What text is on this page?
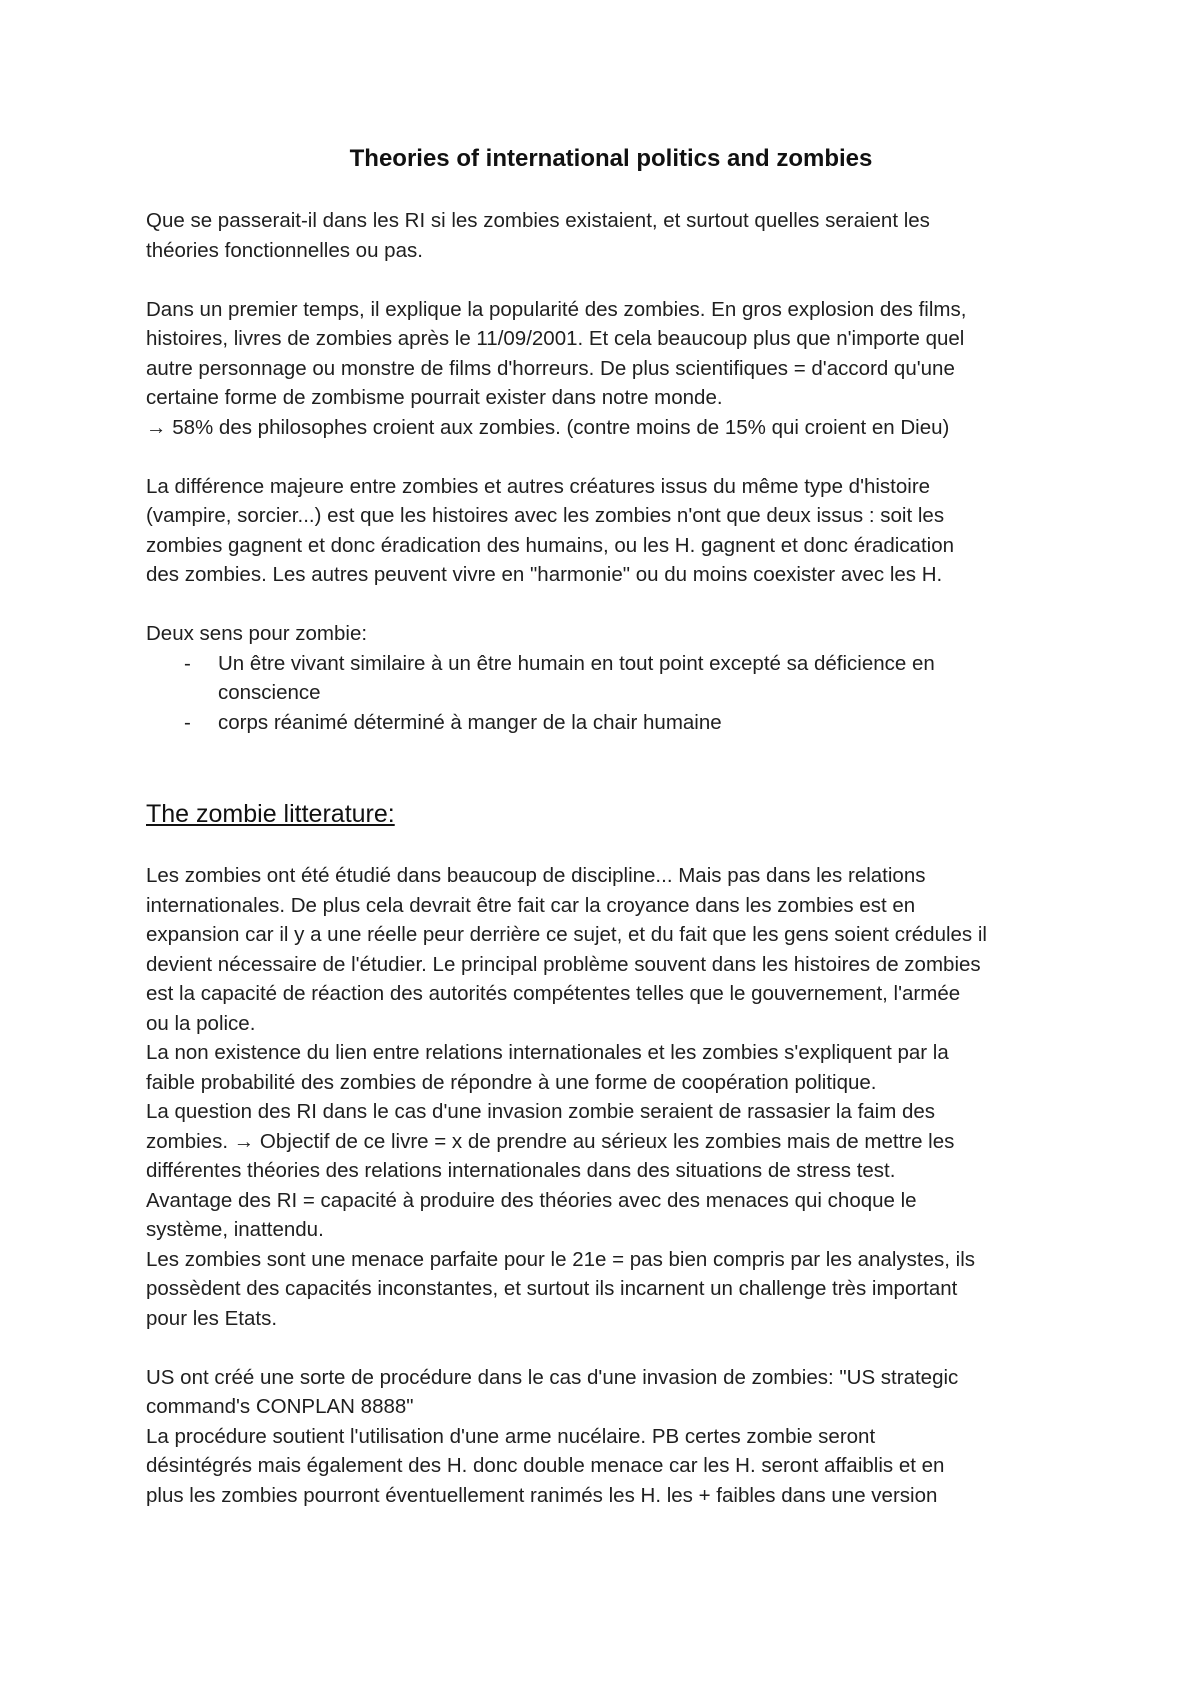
Theories of international politics and zombies

Que se passerait-il dans les RI si les zombies existaient, et surtout quelles seraient les
théories fonctionnelles ou pas.

Dans un premier temps, il explique la popularité des zombies. En gros explosion des films,
histoires, livres de zombies après le 11/09/2001. Et cela beaucoup plus que n'importe quel
autre personnage ou monstre de films d'horreurs. De plus scientifiques = d'accord qu'une
certaine forme de zombisme pourrait exister dans notre monde.
→ 58% des philosophes croient aux zombies. (contre moins de 15% qui croient en Dieu)

La différence majeure entre zombies et autres créatures issus du même type d'histoire
(vampire, sorcier...) est que les histoires avec les zombies n'ont que deux issus : soit les
zombies gagnent et donc éradication des humains, ou les H. gagnent et donc éradication
des zombies. Les autres peuvent vivre en "harmonie" ou du moins coexister avec les H.

Deux sens pour zombie:
- Un être vivant similaire à un être humain en tout point excepté sa déficience en
conscience
- corps réanimé déterminé à manger de la chair humaine
The zombie litterature:

Les zombies ont été étudié dans beaucoup de discipline... Mais pas dans les relations
internationales. De plus cela devrait être fait car la croyance dans les zombies est en
expansion car il y a une réelle peur derrière ce sujet, et du fait que les gens soient crédules il
devient nécessaire de l'étudier. Le principal problème souvent dans les histoires de zombies
est la capacité de réaction des autorités compétentes telles que le gouvernement, l'armée
ou la police.
La non existence du lien entre relations internationales et les zombies s'expliquent par la
faible probabilité des zombies de répondre à une forme de coopération politique.
La question des RI dans le cas d'une invasion zombie seraient de rassasier la faim des
zombies. → Objectif de ce livre = x de prendre au sérieux les zombies mais de mettre les
différentes théories des relations internationales dans des situations de stress test.
Avantage des RI = capacité à produire des théories avec des menaces qui choque le
système, inattendu.
Les zombies sont une menace parfaite pour le 21e = pas bien compris par les analystes, ils
possèdent des capacités inconstantes, et surtout ils incarnent un challenge très important
pour les Etats.

US ont créé une sorte de procédure dans le cas d'une invasion de zombies: "US strategic
command's CONPLAN 8888"
La procédure soutient l'utilisation d'une arme nucélaire. PB certes zombie seront
désintégrés mais également des H. donc double menace car les H. seront affaiblis et en
plus les zombies pourront éventuellement ranimés les H. les + faibles dans une version
